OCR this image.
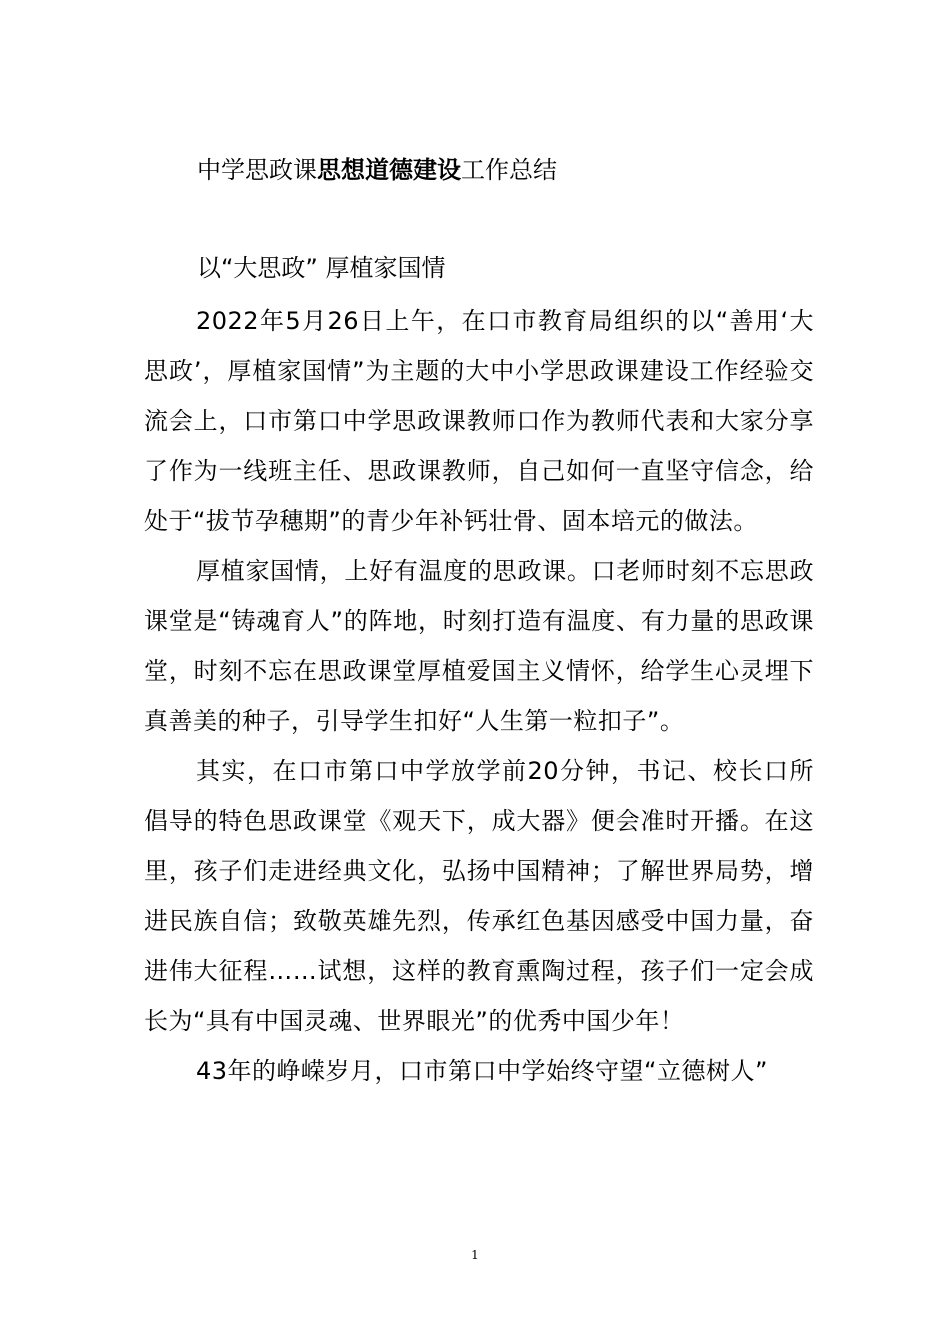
中学思政课思想道德建设工作总结

以“大思政” 厚植家国情

2022年5月26日上午，在口市教育局组织的以“善用‘大思政’，厚植家国情”为主题的大中小学思政课建设工作经验交流会上，口市第口中学思政课教师口作为教师代表和大家分享了作为一线班主任、思政课教师，自己如何一直坚守信念，给处于“拔节孕穗期”的青少年补钙壮骨、固本培元的做法。

厚植家国情，上好有温度的思政课。口老师时刻不忘思政课堂是“铸魂育人”的阵地，时刻打造有温度、有力量的思政课堂，时刻不忘在思政课堂厚植爱国主义情怀，给学生心灵埋下真善美的种子，引导学生扣好“人生第一粒扣子”。

其实，在口市第口中学放学前20分钟，书记、校长口所倡导的特色思政课堂《观天下，成大器》便会准时开播。在这里，孩子们走进经典文化，弘扬中国精神；了解世界局势，增进民族自信；致敬英雄先烈，传承红色基因感受中国力量，奋进伟大征程……试想，这样的教育熏陶过程，孩子们一定会成长为“具有中国灵魂、世界眼光”的优秀中国少年！

43年的峥嵘岁月，口市第口中学始终守望“立德树人”

1
